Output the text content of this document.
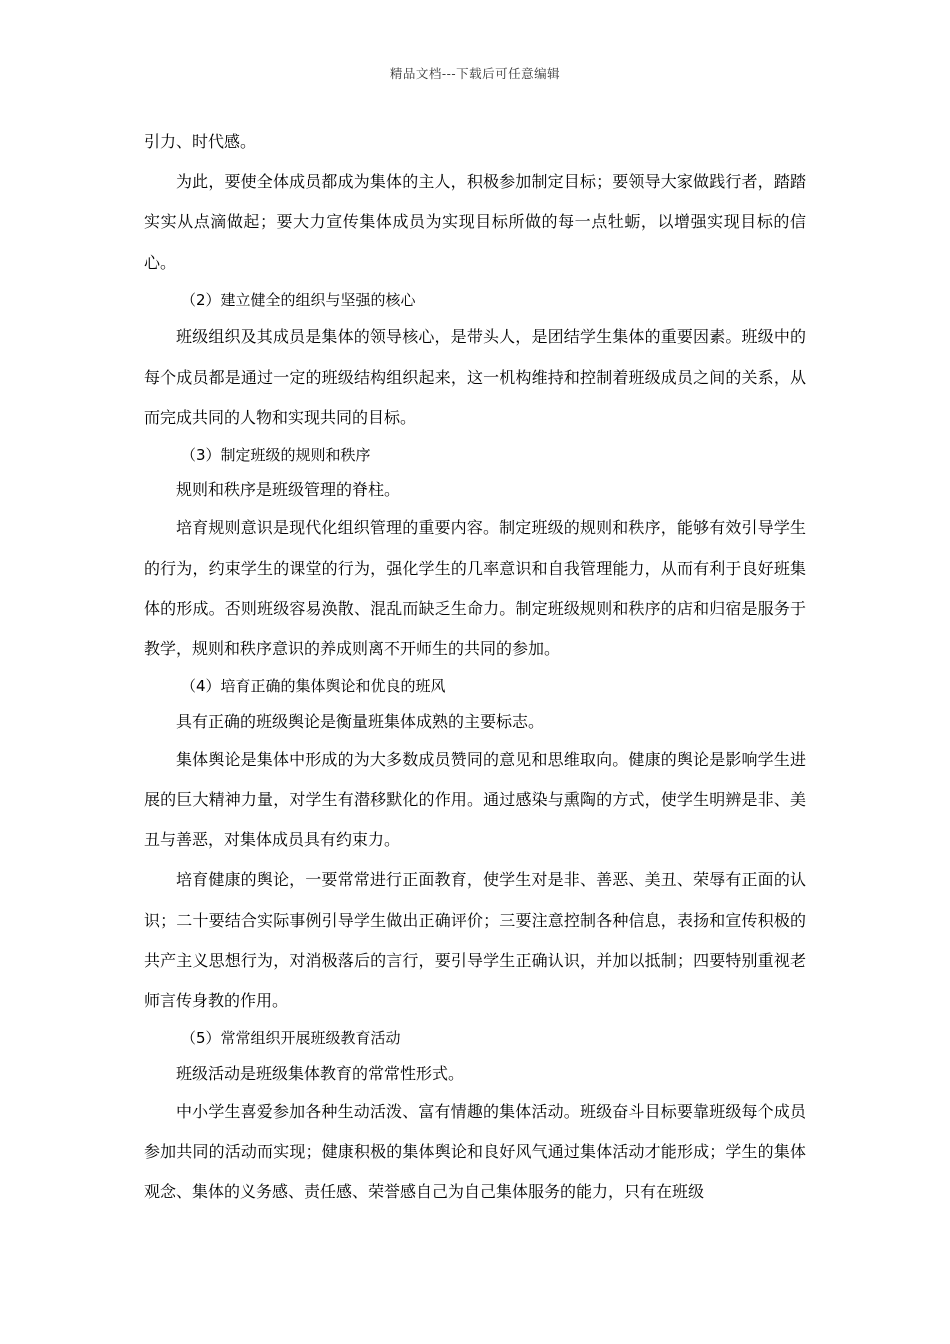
精品文档---下载后可任意编辑

引力、时代感。

为此，要使全体成员都成为集体的主人，积极参加制定目标；要领导大家做践行者，踏踏实实从点滴做起；要大力宣传集体成员为实现目标所做的每一点牡蛎，以增强实现目标的信心。

（2）建立健全的组织与坚强的核心

班级组织及其成员是集体的领导核心，是带头人，是团结学生集体的重要因素。班级中的每个成员都是通过一定的班级结构组织起来，这一机构维持和控制着班级成员之间的关系，从而完成共同的人物和实现共同的目标。

（3）制定班级的规则和秩序

规则和秩序是班级管理的脊柱。

培育规则意识是现代化组织管理的重要内容。制定班级的规则和秩序，能够有效引导学生的行为，约束学生的课堂的行为，强化学生的几率意识和自我管理能力，从而有利于良好班集体的形成。否则班级容易涣散、混乱而缺乏生命力。制定班级规则和秩序的店和归宿是服务于教学，规则和秩序意识的养成则离不开师生的共同的参加。

（4）培育正确的集体舆论和优良的班风

具有正确的班级舆论是衡量班集体成熟的主要标志。

集体舆论是集体中形成的为大多数成员赞同的意见和思维取向。健康的舆论是影响学生进展的巨大精神力量，对学生有潜移默化的作用。通过感染与熏陶的方式，使学生明辨是非、美丑与善恶，对集体成员具有约束力。

培育健康的舆论，一要常常进行正面教育，使学生对是非、善恶、美丑、荣辱有正面的认识；二十要结合实际事例引导学生做出正确评价；三要注意控制各种信息，表扬和宣传积极的共产主义思想行为，对消极落后的言行，要引导学生正确认识，并加以抵制；四要特别重视老师言传身教的作用。

（5）常常组织开展班级教育活动

班级活动是班级集体教育的常常性形式。

中小学生喜爱参加各种生动活泼、富有情趣的集体活动。班级奋斗目标要靠班级每个成员参加共同的活动而实现；健康积极的集体舆论和良好风气通过集体活动才能形成；学生的集体观念、集体的义务感、责任感、荣誉感自己为自己集体服务的能力，只有在班级
